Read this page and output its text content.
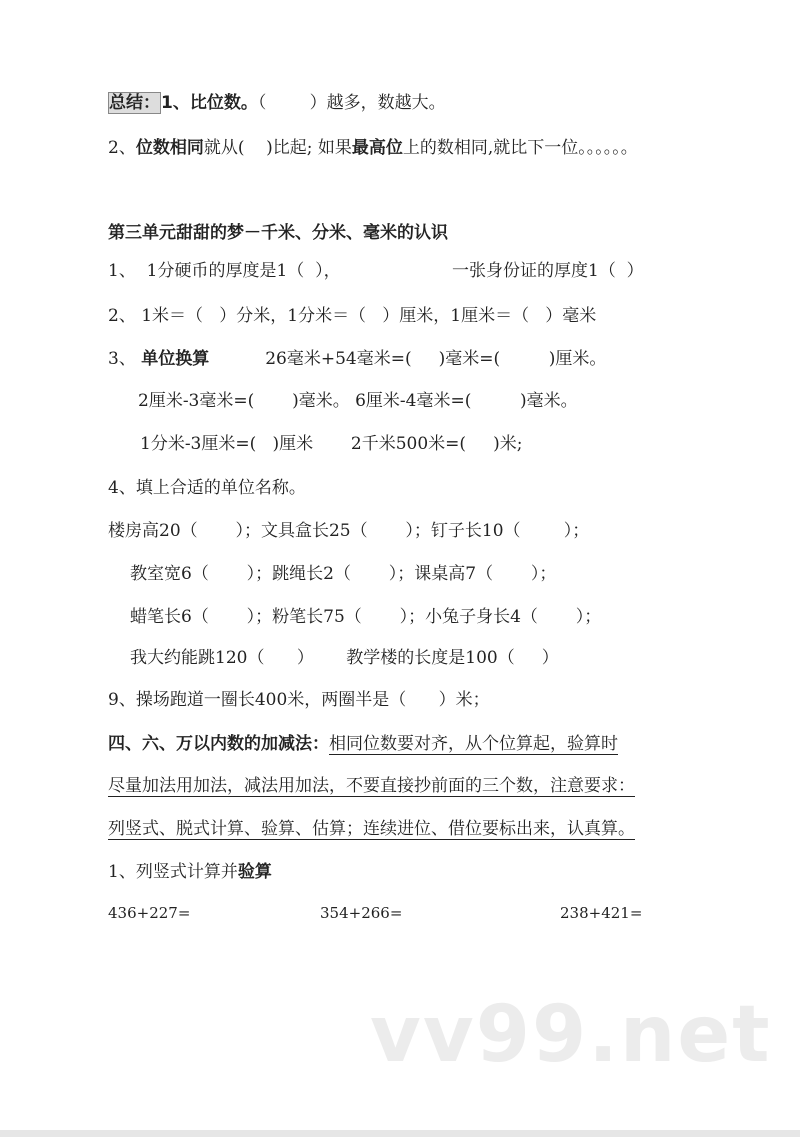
总结：1、比位数。（        ）越多，数越大。
2、位数相同就从(    )比起; 如果最高位上的数相同,就比下一位。。。。。。
第三单元甜甜的梦－千米、分米、毫米的认识
1、  1分硬币的厚度是1（  ），	一张身份证的厚度1（  ）
2、 1米＝（   ）分米，1分米＝（   ）厘米，1厘米＝（   ）毫米
3、 单位换算	26毫米+54毫米=(     )毫米=(         )厘米。
2厘米-3毫米=(       )毫米。 6厘米-4毫米=(         )毫米。
1分米-3厘米=(   )厘米       2千米500米=(     )米;
4、填上合适的单位名称。
楼房高20（       ）；文具盒长25（       ）；钉子长10（        ）；
教室宽6（       ）；跳绳长2（       ）；课桌高7（       ）；
蜡笔长6（       ）；粉笔长75（       ）；小兔子身长4（       ）；
我大约能跳120（      ）      教学楼的长度是100（     ）
9、操场跑道一圈长400米，两圈半是（      ）米；
四、六、万以内数的加减法：相同位数要对齐，从个位算起，验算时
尽量加法用加法，减法用加法，不要直接抄前面的三个数，注意要求：
列竖式、脱式计算、验算、估算；连续进位、借位要标出来，认真算。
1、列竖式计算并验算
436+227=	354+266=	238+421=
vv99.net
